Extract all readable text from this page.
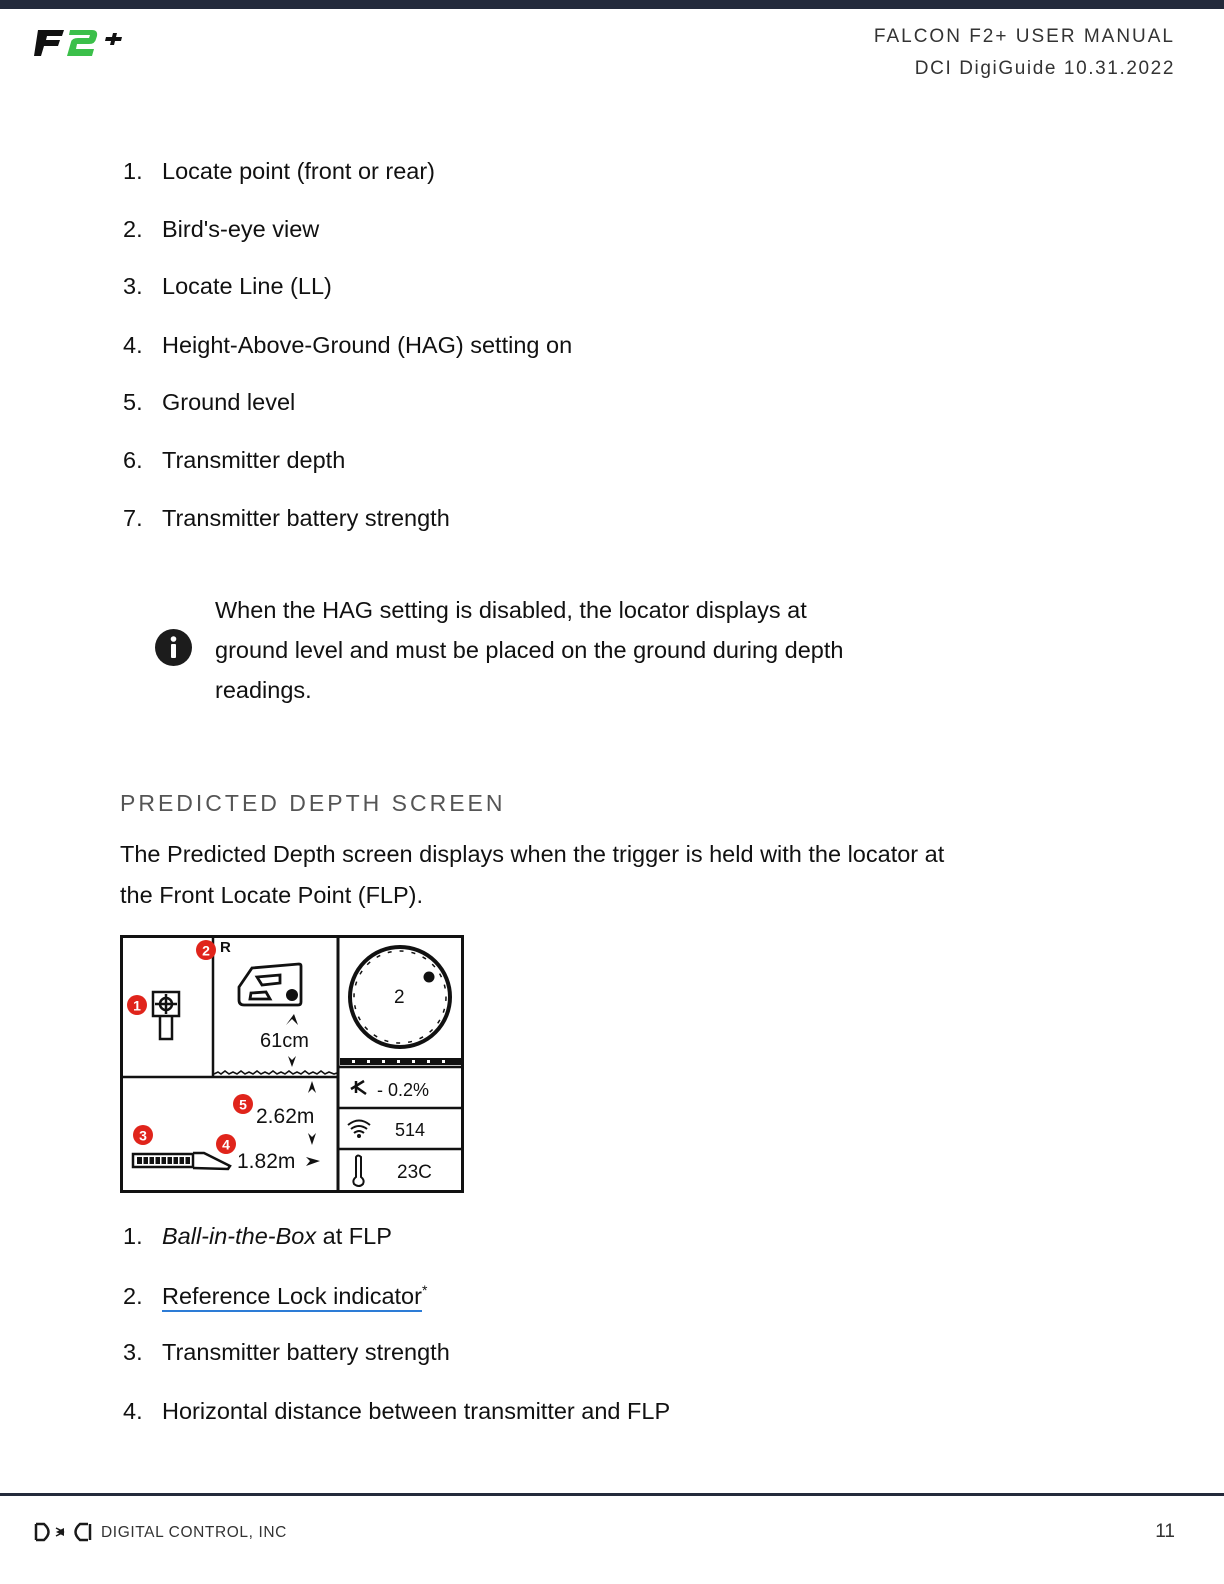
FALCON F2+ USER MANUAL
DCI DigiGuide 10.31.2022
1. Locate point (front or rear)
2. Bird's-eye view
3. Locate Line (LL)
4. Height-Above-Ground (HAG) setting on
5. Ground level
6. Transmitter depth
7. Transmitter battery strength
When the HAG setting is disabled, the locator displays at ground level and must be placed on the ground during depth readings.
PREDICTED DEPTH SCREEN
The Predicted Depth screen displays when the trigger is held with the locator at the Front Locate Point (FLP).
R
61cm
2
- 0.2%
514
23C
2.62m
1.82m
1
2
3
4
5
1. Ball-in-the-Box at FLP
2. Reference Lock indicator*
3. Transmitter battery strength
4. Horizontal distance between transmitter and FLP
DIGITAL CONTROL, INC	11
